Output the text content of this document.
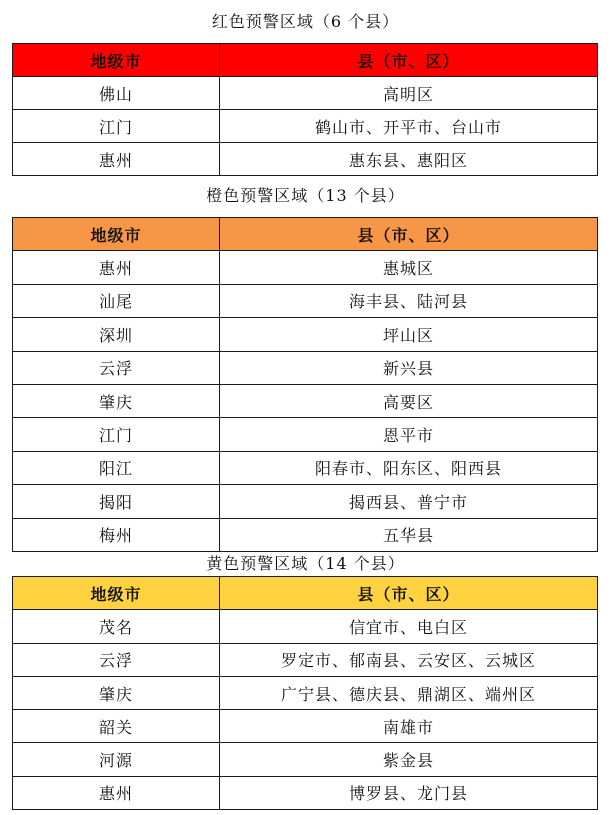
红色预警区域（6 个县）
地级市	县（市、区）
佛山	高明区
江门	鹤山市、开平市、台山市
惠州	惠东县、惠阳区
橙色预警区域（13 个县）
地级市	县（市、区）
惠州	惠城区
汕尾	海丰县、陆河县
深圳	坪山区
云浮	新兴县
肇庆	高要区
江门	恩平市
阳江	阳春市、阳东区、阳西县
揭阳	揭西县、普宁市
梅州	五华县
黄色预警区域（14 个县）
地级市	县（市、区）
茂名	信宜市、电白区
云浮	罗定市、郁南县、云安区、云城区
肇庆	广宁县、德庆县、鼎湖区、端州区
韶关	南雄市
河源	紫金县
惠州	博罗县、龙门县
